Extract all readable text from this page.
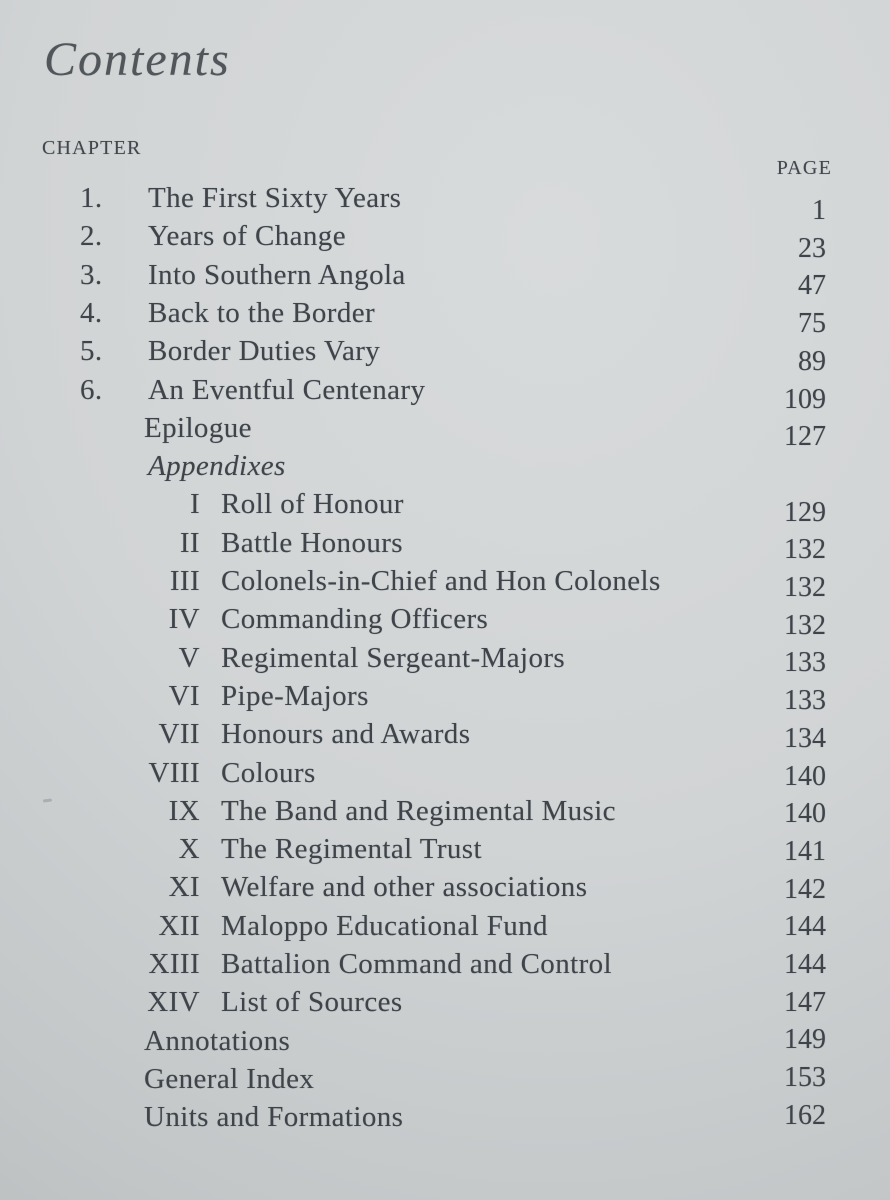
Contents
CHAPTER
PAGE
1. The First Sixty Years	1
2. Years of Change	23
3. Into Southern Angola	47
4. Back to the Border	75
5. Border Duties Vary	89
6. An Eventful Centenary	109
Epilogue	127
Appendixes
I Roll of Honour	129
II Battle Honours	132
III Colonels-in-Chief and Hon Colonels	132
IV Commanding Officers	132
V Regimental Sergeant-Majors	133
VI Pipe-Majors	133
VII Honours and Awards	134
VIII Colours	140
IX The Band and Regimental Music	140
X The Regimental Trust	141
XI Welfare and other associations	142
XII Maloppo Educational Fund	144
XIII Battalion Command and Control	144
XIV List of Sources	147
Annotations	149
General Index	153
Units and Formations	162
